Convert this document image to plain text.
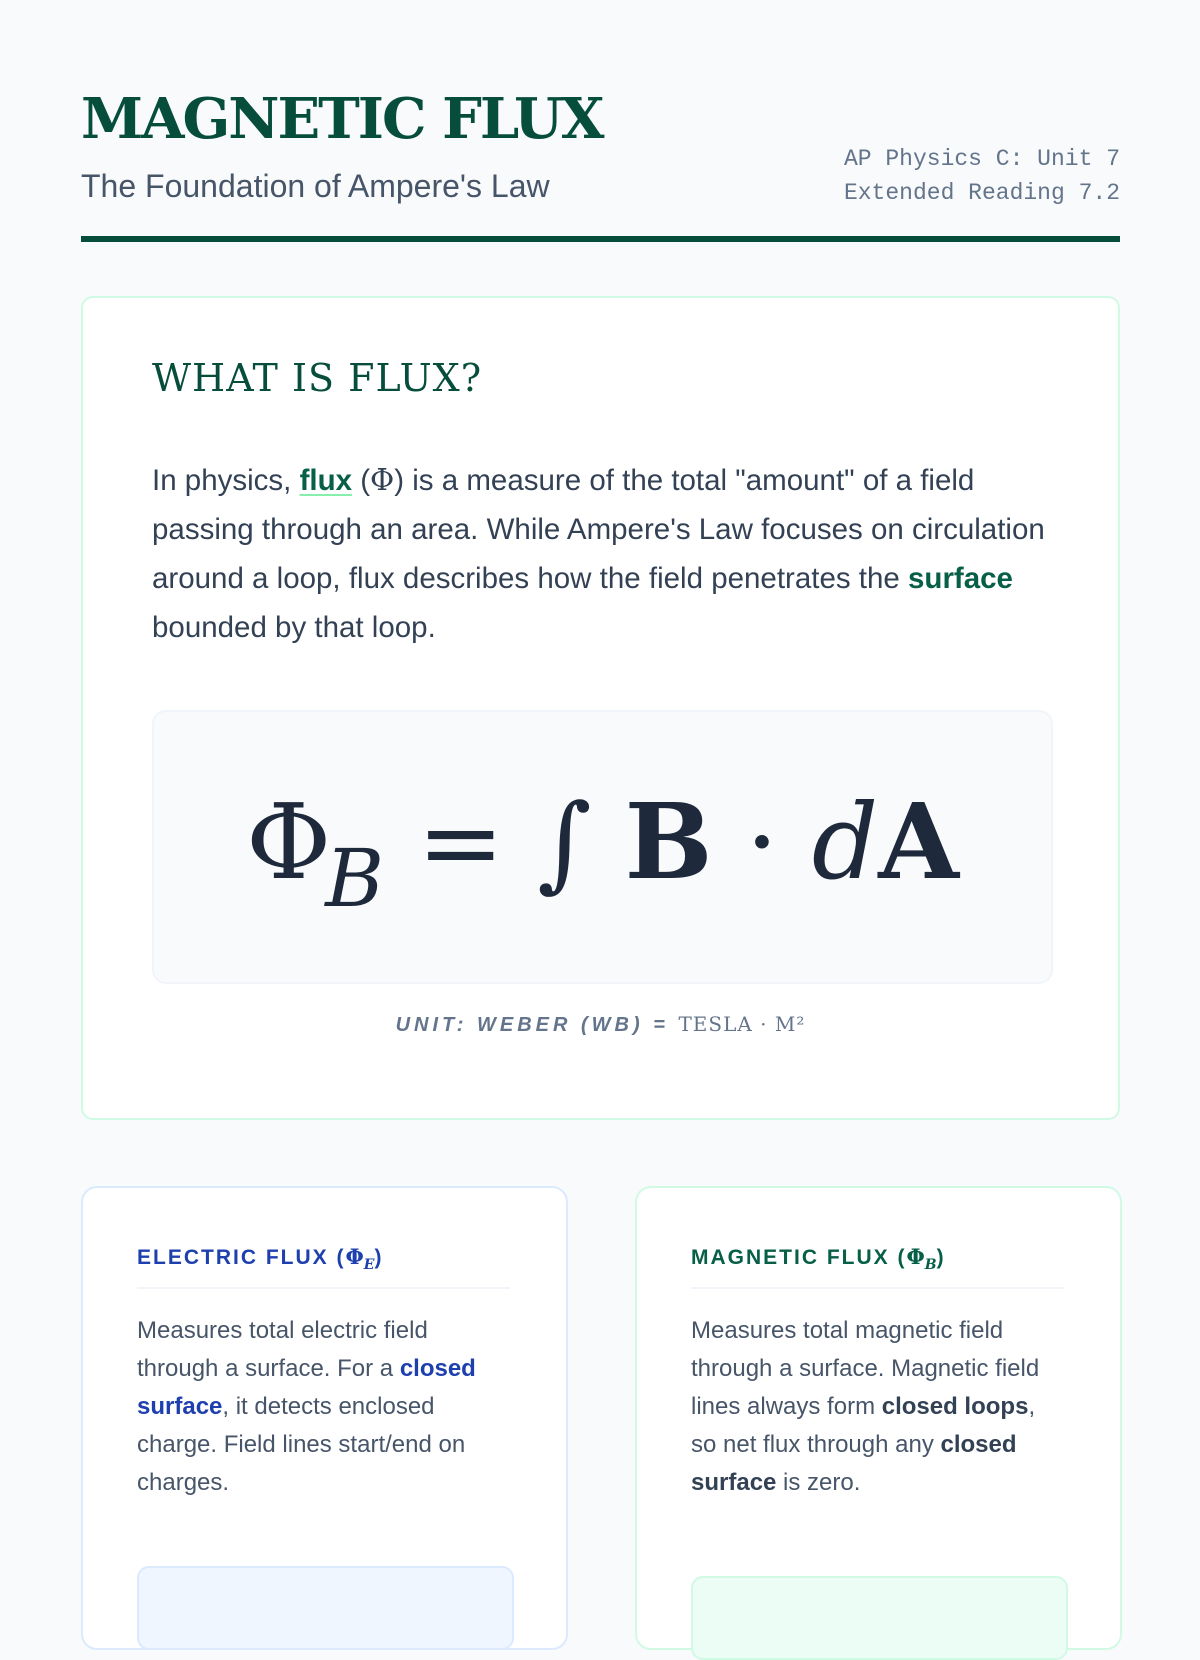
MAGNETIC FLUX
The Foundation of Ampere's Law
AP Physics C: Unit 7
Extended Reading 7.2
WHAT IS FLUX?

In physics, flux (Φ) is a measure of the total "amount" of a field passing through an area. While Ampere's Law focuses on circulation around a loop, flux describes how the field penetrates the surface bounded by that loop.

$\Phi_B$ = ∫ B · dA
UNIT: WEBER (WB) = TESLA · M²
ELECTRIC FLUX $(\Phi_E)$

Measures total electric field through a surface. For a closed surface, it detects enclosed charge. Field lines start/end on charges.

MAGNETIC FLUX $(\Phi_B)$

Measures total magnetic field through a surface. Magnetic field lines always form closed loops, so net flux through any closed surface is zero.
